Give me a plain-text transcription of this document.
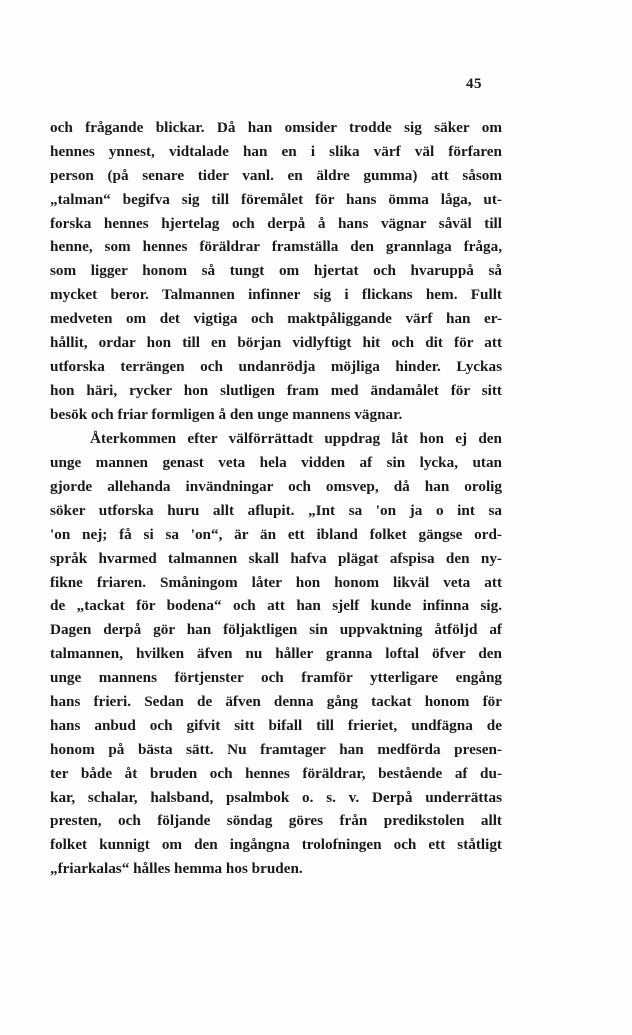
45
och frågande blickar. Då han omsider trodde sig säker om
hennes ynnest, vidtalade han en i slika värf väl förfaren
person (på senare tider vanl. en äldre gumma) att såsom
„talman“ begifva sig till föremålet för hans ömma låga, ut-
forska hennes hjertelag och derpå å hans vägnar såväl till
henne, som hennes föräldrar framställa den grannlaga fråga,
som ligger honom så tungt om hjertat och hvaruppå så
mycket beror. Talmannen infinner sig i flickans hem. Fullt
medveten om det vigtiga och maktpåliggande värf han er-
hållit, ordar hon till en början vidlyftigt hit och dit för att
utforska terrängen och undanrödja möjliga hinder. Lyckas
hon häri, rycker hon slutligen fram med ändamålet för sitt
besök och friar formligen å den unge mannens vägnar.
Återkommen efter välförrättadt uppdrag låt hon ej den
unge mannen genast veta hela vidden af sin lycka, utan
gjorde allehanda invändningar och omsvep, då han orolig
söker utforska huru allt aflupit. „Int sa 'on ja o int sa
'on nej; få si sa 'on“, är än ett ibland folket gängse ord-
språk hvarmed talmannen skall hafva plägat afspisa den ny-
fikne friaren. Småningom låter hon honom likväl veta att
de „tackat för bodena“ och att han sjelf kunde infinna sig.
Dagen derpå gör han följaktligen sin uppvaktning åtföljd af
talmannen, hvilken äfven nu håller granna loftal öfver den
unge mannens förtjenster och framför ytterligare engång
hans frieri. Sedan de äfven denna gång tackat honom för
hans anbud och gifvit sitt bifall till frieriet, undfägna de
honom på bästa sätt. Nu framtager han medförda presen-
ter både åt bruden och hennes föräldrar, bestående af du-
kar, schalar, halsband, psalmbok o. s. v. Derpå underrättas
presten, och följande söndag göres från predikstolen allt
folket kunnigt om den ingångna trolofningen och ett ståtligt
„friarkalas“ hålles hemma hos bruden.
